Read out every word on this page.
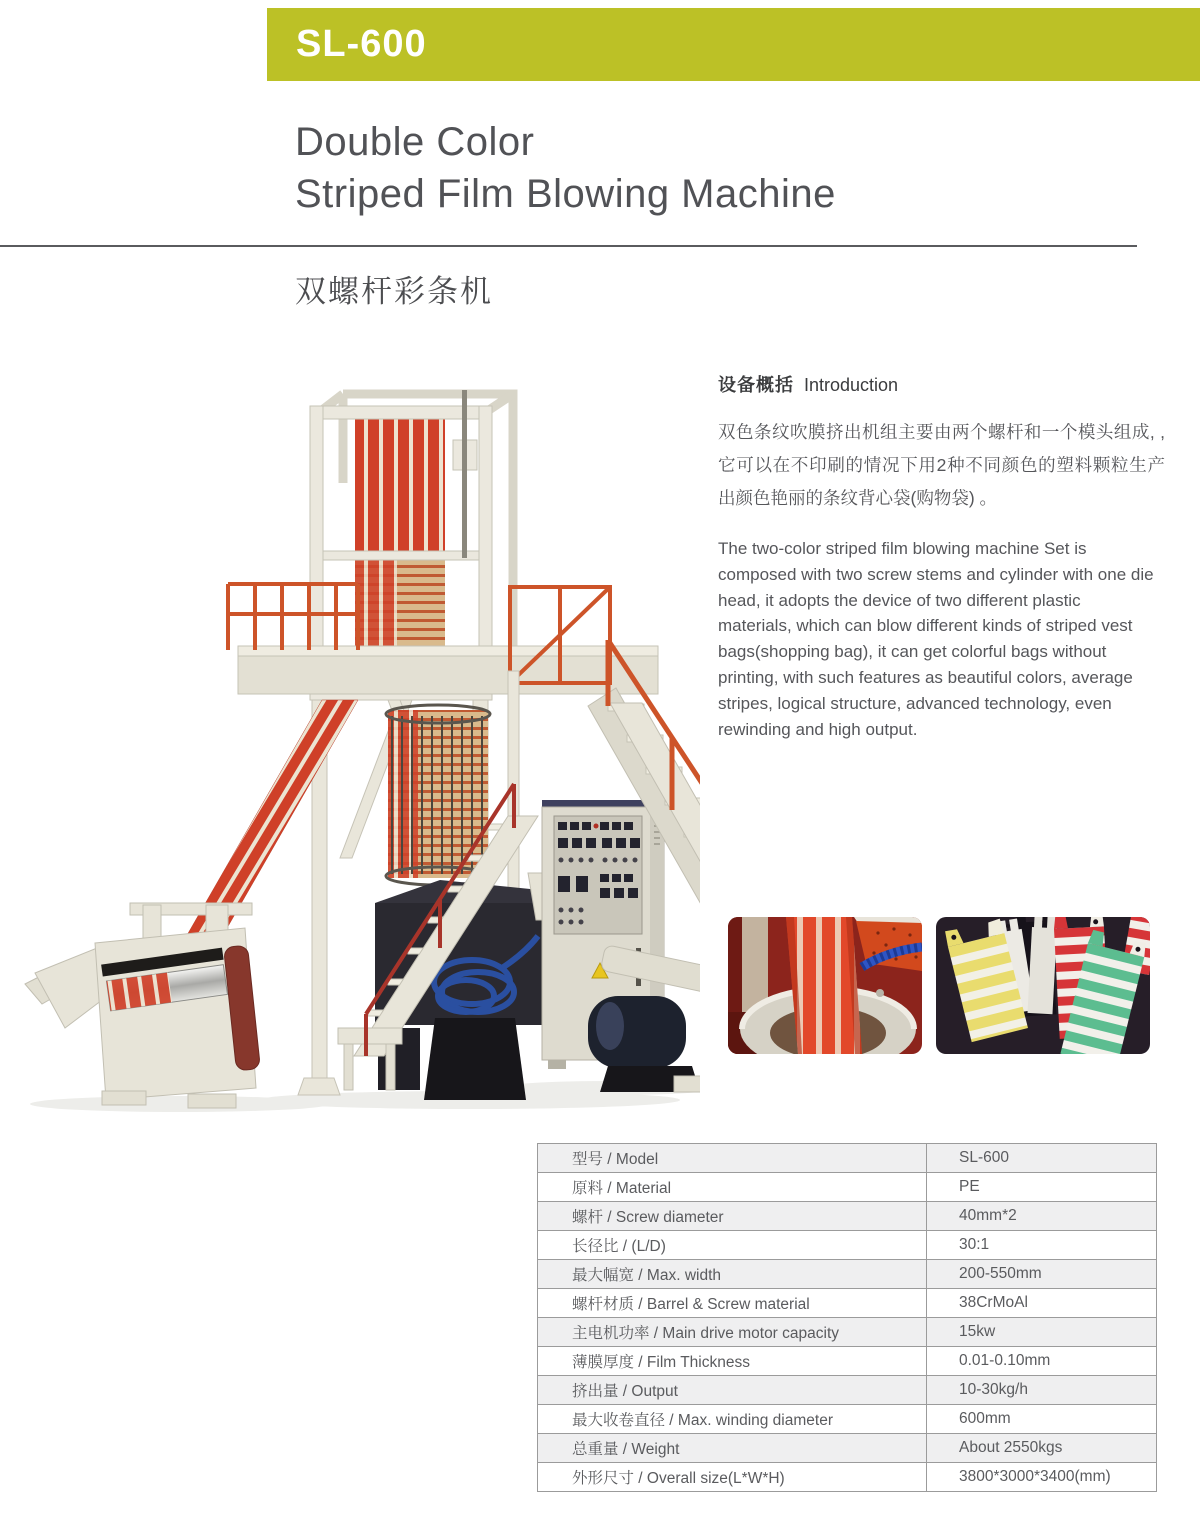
SL-600
Double Color
Striped Film Blowing Machine
双螺杆彩条机
设备概括 Introduction
双色条纹吹膜挤出机组主要由两个螺杆和一个模头组成, ,它可以在不印刷的情况下用2种不同颜色的塑料颗粒生产出颜色艳丽的条纹背心袋(购物袋) 。
The two-color striped film blowing machine Set is composed with two screw stems and cylinder with one die head, it adopts the device of two different plastic materials, which can blow different kinds of striped vest bags(shopping bag), it can get colorful bags without printing, with such features as beautiful colors, average stripes, logical structure, advanced technology, even rewinding and high output.
型号 / Model	SL-600
原料 / Material	PE
螺杆 / Screw diameter	40mm*2
长径比 / (L/D)	30:1
最大幅宽 / Max. width	200-550mm
螺杆材质 / Barrel & Screw material	38CrMoAl
主电机功率 / Main drive motor capacity	15kw
薄膜厚度 / Film Thickness	0.01-0.10mm
挤出量 / Output	10-30kg/h
最大收卷直径 / Max. winding diameter	600mm
总重量 / Weight	About 2550kgs
外形尺寸 / Overall size(L*W*H)	3800*3000*3400(mm)
